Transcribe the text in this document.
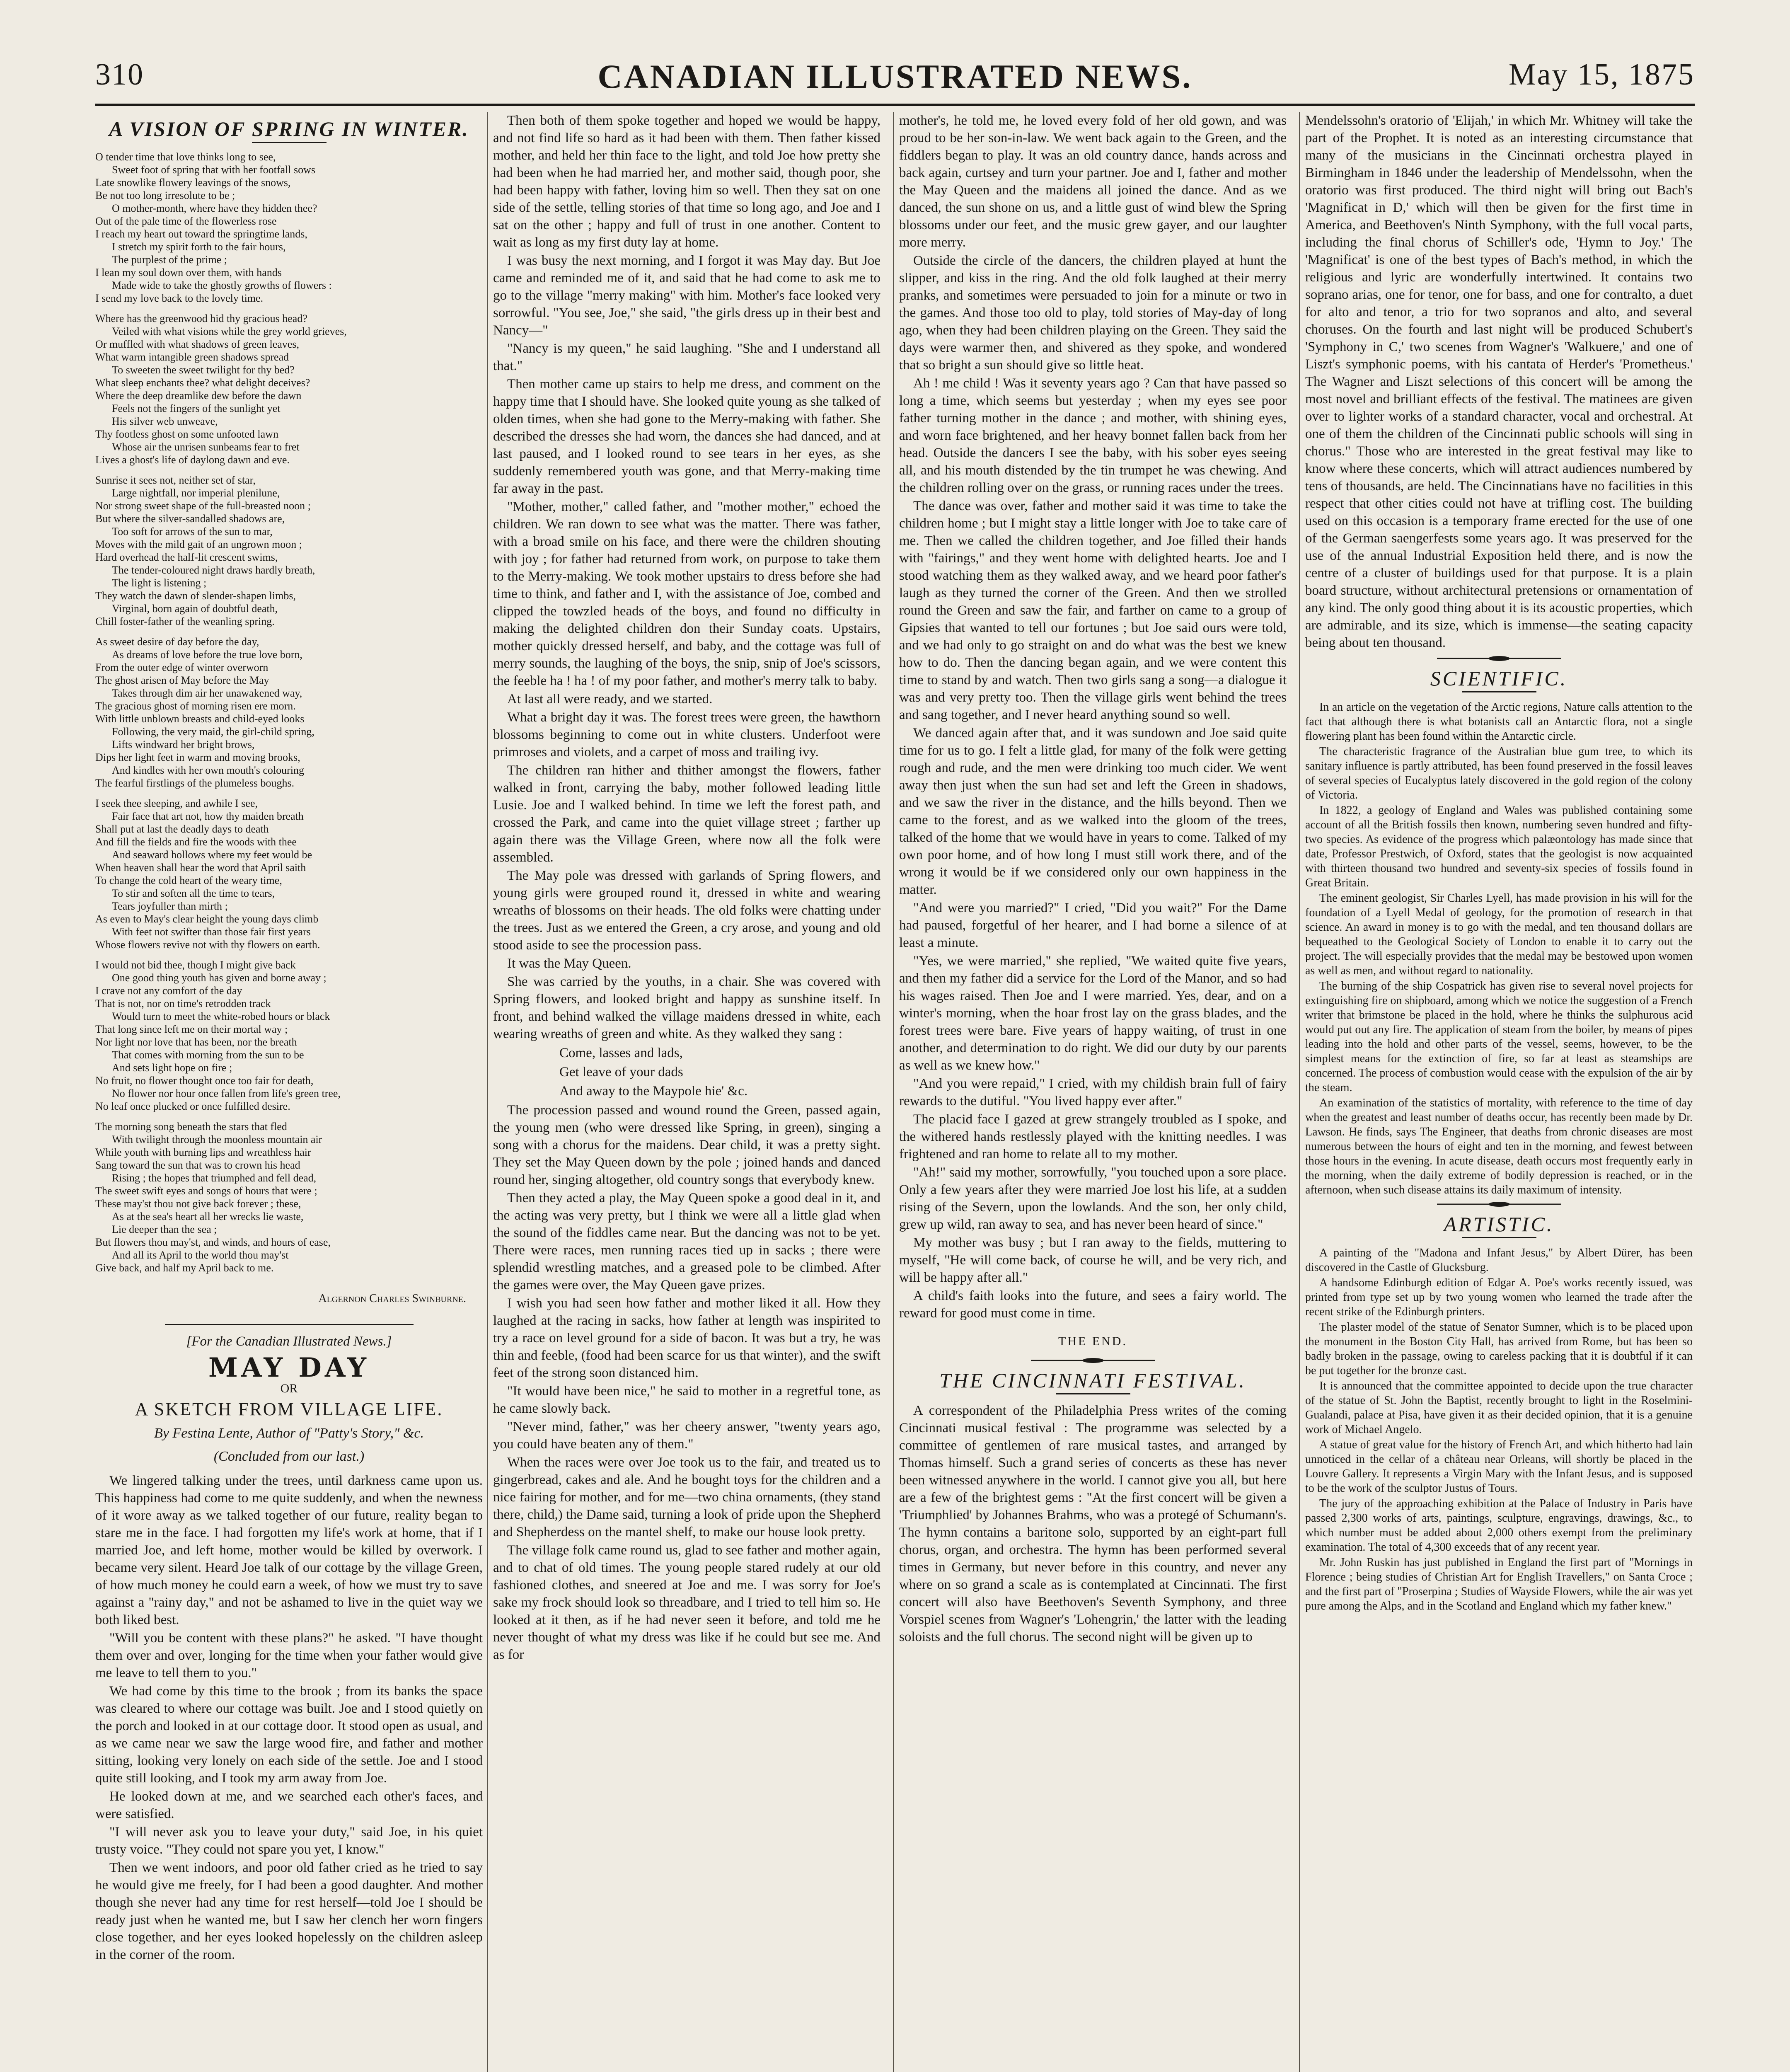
310	CANADIAN ILLUSTRATED NEWS.	May 15, 1875
A VISION OF SPRING IN WINTER.
O tender time that love thinks long to see,
Sweet foot of spring that with her footfall sows
Late snowlike flowery leavings of the snows,
Be not too long irresolute to be ;
O mother-month, where have they hidden thee?
Out of the pale time of the flowerless rose
I reach my heart out toward the springtime lands,
I stretch my spirit forth to the fair hours,
The purplest of the prime ;
I lean my soul down over them, with hands
Made wide to take the ghostly growths of flowers :
I send my love back to the lovely time.
Where has the greenwood hid thy gracious head?
Veiled with what visions while the grey world grieves,
Or muffled with what shadows of green leaves,
What warm intangible green shadows spread
To sweeten the sweet twilight for thy bed?
What sleep enchants thee? what delight deceives?
Where the deep dreamlike dew before the dawn
Feels not the fingers of the sunlight yet
His silver web unweave,
Thy footless ghost on some unfooted lawn
Whose air the unrisen sunbeams fear to fret
Lives a ghost's life of daylong dawn and eve.
Sunrise it sees not, neither set of star,
Large nightfall, nor imperial plenilune,
Nor strong sweet shape of the full-breasted noon ;
But where the silver-sandalled shadows are,
Too soft for arrows of the sun to mar,
Moves with the mild gait of an ungrown moon ;
Hard overhead the half-lit crescent swims,
The tender-coloured night draws hardly breath,
The light is listening ;
They watch the dawn of slender-shapen limbs,
Virginal, born again of doubtful death,
Chill foster-father of the weanling spring.
As sweet desire of day before the day,
As dreams of love before the true love born,
From the outer edge of winter overworn
The ghost arisen of May before the May
Takes through dim air her unawakened way,
The gracious ghost of morning risen ere morn.
With little unblown breasts and child-eyed looks
Following, the very maid, the girl-child spring,
Lifts windward her bright brows,
Dips her light feet in warm and moving brooks,
And kindles with her own mouth's colouring
The fearful firstlings of the plumeless boughs.
I seek thee sleeping, and awhile I see,
Fair face that art not, how thy maiden breath
Shall put at last the deadly days to death
And fill the fields and fire the woods with thee
And seaward hollows where my feet would be
When heaven shall hear the word that April saith
To change the cold heart of the weary time,
To stir and soften all the time to tears,
Tears joyfuller than mirth ;
As even to May's clear height the young days climb
With feet not swifter than those fair first years
Whose flowers revive not with thy flowers on earth.
I would not bid thee, though I might give back
One good thing youth has given and borne away ;
I crave not any comfort of the day
That is not, nor on time's retrodden track
Would turn to meet the white-robed hours or black
That long since left me on their mortal way ;
Nor light nor love that has been, nor the breath
That comes with morning from the sun to be
And sets light hope on fire ;
No fruit, no flower thought once too fair for death,
No flower nor hour once fallen from life's green tree,
No leaf once plucked or once fulfilled desire.
The morning song beneath the stars that fled
With twilight through the moonless mountain air
While youth with burning lips and wreathless hair
Sang toward the sun that was to crown his head
Rising ; the hopes that triumphed and fell dead,
The sweet swift eyes and songs of hours that were ;
These may'st thou not give back forever ; these,
As at the sea's heart all her wrecks lie waste,
Lie deeper than the sea ;
But flowers thou may'st, and winds, and hours of ease,
And all its April to the world thou may'st
Give back, and half my April back to me.
Algernon Charles Swinburne.
[For the Canadian Illustrated News.]
MAY DAY
OR
A SKETCH FROM VILLAGE LIFE.
By Festina Lente, Author of "Patty's Story," &c.
(Concluded from our last.)

We lingered talking under the trees, until darkness came upon us. This happiness had come to me quite suddenly, and when the newness of it wore away as we talked together of our future, reality began to stare me in the face. I had forgotten my life's work at home, that if I married Joe, and left home, mother would be killed by overwork. I became very silent. Heard Joe talk of our cottage by the village Green, of how much money he could earn a week, of how we must try to save against a "rainy day," and not be ashamed to live in the quiet way we both liked best.

"Will you be content with these plans?" he asked. "I have thought them over and over, longing for the time when your father would give me leave to tell them to you."

We had come by this time to the brook ; from its banks the space was cleared to where our cottage was built. Joe and I stood quietly on the porch and looked in at our cottage door. It stood open as usual, and as we came near we saw the large wood fire, and father and mother sitting, looking very lonely on each side of the settle. Joe and I stood quite still looking, and I took my arm away from Joe.

He looked down at me, and we searched each other's faces, and were satisfied.

"I will never ask you to leave your duty," said Joe, in his quiet trusty voice. "They could not spare you yet, I know."

Then we went indoors, and poor old father cried as he tried to say he would give me freely, for I had been a good daughter. And mother though she never had any time for rest herself—told Joe I should be ready just when he wanted me, but I saw her clench her worn fingers close together, and her eyes looked hopelessly on the children asleep in the corner of the room.

Then both of them spoke together and hoped we would be happy, and not find life so hard as it had been with them. Then father kissed mother, and held her thin face to the light, and told Joe how pretty she had been when he had married her, and mother said, though poor, she had been happy with father, loving him so well. Then they sat on one side of the settle, telling stories of that time so long ago, and Joe and I sat on the other ; happy and full of trust in one another. Content to wait as long as my first duty lay at home.

I was busy the next morning, and I forgot it was May day. But Joe came and reminded me of it, and said that he had come to ask me to go to the village "merry making" with him. Mother's face looked very sorrowful. "You see, Joe," she said, "the girls dress up in their best and Nancy—"

"Nancy is my queen," he said laughing. "She and I understand all that."

Then mother came up stairs to help me dress, and comment on the happy time that I should have. She looked quite young as she talked of olden times, when she had gone to the Merry-making with father. She described the dresses she had worn, the dances she had danced, and at last paused, and I looked round to see tears in her eyes, as she suddenly remembered youth was gone, and that Merry-making time far away in the past.

"Mother, mother," called father, and "mother mother," echoed the children. We ran down to see what was the matter. There was father, with a broad smile on his face, and there were the children shouting with joy ; for father had returned from work, on purpose to take them to the Merry-making. We took mother upstairs to dress before she had time to think, and father and I, with the assistance of Joe, combed and clipped the towzled heads of the boys, and found no difficulty in making the delighted children don their Sunday coats. Upstairs, mother quickly dressed herself, and baby, and the cottage was full of merry sounds, the laughing of the boys, the snip, snip of Joe's scissors, the feeble ha ! ha ! of my poor father, and mother's merry talk to baby.

At last all were ready, and we started.

What a bright day it was. The forest trees were green, the hawthorn blossoms beginning to come out in white clusters. Underfoot were primroses and violets, and a carpet of moss and trailing ivy.

The children ran hither and thither amongst the flowers, father walked in front, carrying the baby, mother followed leading little Lusie. Joe and I walked behind. In time we left the forest path, and crossed the Park, and came into the quiet village street ; farther up again there was the Village Green, where now all the folk were assembled.

The May pole was dressed with garlands of Spring flowers, and young girls were grouped round it, dressed in white and wearing wreaths of blossoms on their heads. The old folks were chatting under the trees. Just as we entered the Green, a cry arose, and young and old stood aside to see the procession pass.

It was the May Queen.

She was carried by the youths, in a chair. She was covered with Spring flowers, and looked bright and happy as sunshine itself. In front, and behind walked the village maidens dressed in white, each wearing wreaths of green and white. As they walked they sang :

Come, lasses and lads,
Get leave of your dads
And away to the Maypole hie' &c.

The procession passed and wound round the Green, passed again, the young men (who were dressed like Spring, in green), singing a song with a chorus for the maidens. Dear child, it was a pretty sight. They set the May Queen down by the pole ; joined hands and danced round her, singing altogether, old country songs that everybody knew.

Then they acted a play, the May Queen spoke a good deal in it, and the acting was very pretty, but I think we were all a little glad when the sound of the fiddles came near. But the dancing was not to be yet. There were races, men running races tied up in sacks ; there were splendid wrestling matches, and a greased pole to be climbed. After the games were over, the May Queen gave prizes.

I wish you had seen how father and mother liked it all. How they laughed at the racing in sacks, how father at length was inspirited to try a race on level ground for a side of bacon. It was but a try, he was thin and feeble, (food had been scarce for us that winter), and the swift feet of the strong soon distanced him.

"It would have been nice," he said to mother in a regretful tone, as he came slowly back.

"Never mind, father," was her cheery answer, "twenty years ago, you could have beaten any of them."

When the races were over Joe took us to the fair, and treated us to gingerbread, cakes and ale. And he bought toys for the children and a nice fairing for mother, and for me—two china ornaments, (they stand there, child,) the Dame said, turning a look of pride upon the Shepherd and Shepherdess on the mantel shelf, to make our house look pretty.

The village folk came round us, glad to see father and mother again, and to chat of old times. The young people stared rudely at our old fashioned clothes, and sneered at Joe and me. I was sorry for Joe's sake my frock should look so threadbare, and I tried to tell him so. He looked at it then, as if he had never seen it before, and told me he never thought of what my dress was like if he could but see me. And as for

mother's, he told me, he loved every fold of her old gown, and was proud to be her son-in-law. We went back again to the Green, and the fiddlers began to play. It was an old country dance, hands across and back again, curtsey and turn your partner. Joe and I, father and mother the May Queen and the maidens all joined the dance. And as we danced, the sun shone on us, and a little gust of wind blew the Spring blossoms under our feet, and the music grew gayer, and our laughter more merry.

Outside the circle of the dancers, the children played at hunt the slipper, and kiss in the ring. And the old folk laughed at their merry pranks, and sometimes were persuaded to join for a minute or two in the games. And those too old to play, told stories of May-day of long ago, when they had been children playing on the Green. They said the days were warmer then, and shivered as they spoke, and wondered that so bright a sun should give so little heat.

Ah ! me child ! Was it seventy years ago ? Can that have passed so long a time, which seems but yesterday ; when my eyes see poor father turning mother in the dance ; and mother, with shining eyes, and worn face brightened, and her heavy bonnet fallen back from her head. Outside the dancers I see the baby, with his sober eyes seeing all, and his mouth distended by the tin trumpet he was chewing. And the children rolling over on the grass, or running races under the trees.

The dance was over, father and mother said it was time to take the children home ; but I might stay a little longer with Joe to take care of me. Then we called the children together, and Joe filled their hands with "fairings," and they went home with delighted hearts. Joe and I stood watching them as they walked away, and we heard poor father's laugh as they turned the corner of the Green. And then we strolled round the Green and saw the fair, and farther on came to a group of Gipsies that wanted to tell our fortunes ; but Joe said ours were told, and we had only to go straight on and do what was the best we knew how to do. Then the dancing began again, and we were content this time to stand by and watch. Then two girls sang a song—a dialogue it was and very pretty too. Then the village girls went behind the trees and sang together, and I never heard anything sound so well.

We danced again after that, and it was sundown and Joe said quite time for us to go. I felt a little glad, for many of the folk were getting rough and rude, and the men were drinking too much cider. We went away then just when the sun had set and left the Green in shadows, and we saw the river in the distance, and the hills beyond. Then we came to the forest, and as we walked into the gloom of the trees, talked of the home that we would have in years to come. Talked of my own poor home, and of how long I must still work there, and of the wrong it would be if we considered only our own happiness in the matter.

"And were you married?" I cried, "Did you wait?" For the Dame had paused, forgetful of her hearer, and I had borne a silence of at least a minute.

"Yes, we were married," she replied, "We waited quite five years, and then my father did a service for the Lord of the Manor, and so had his wages raised. Then Joe and I were married. Yes, dear, and on a winter's morning, when the hoar frost lay on the grass blades, and the forest trees were bare. Five years of happy waiting, of trust in one another, and determination to do right. We did our duty by our parents as well as we knew how."

"And you were repaid," I cried, with my childish brain full of fairy rewards to the dutiful. "You lived happy ever after."

The placid face I gazed at grew strangely troubled as I spoke, and the withered hands restlessly played with the knitting needles. I was frightened and ran home to relate all to my mother.

"Ah!" said my mother, sorrowfully, "you touched upon a sore place. Only a few years after they were married Joe lost his life, at a sudden rising of the Severn, upon the lowlands. And the son, her only child, grew up wild, ran away to sea, and has never been heard of since."

My mother was busy ; but I ran away to the fields, muttering to myself, "He will come back, of course he will, and be very rich, and will be happy after all."

A child's faith looks into the future, and sees a fairy world. The reward for good must come in time.

THE END.
THE CINCINNATI FESTIVAL.

A correspondent of the Philadelphia Press writes of the coming Cincinnati musical festival : The programme was selected by a committee of gentlemen of rare musical tastes, and arranged by Thomas himself. Such a grand series of concerts as these has never been witnessed anywhere in the world. I cannot give you all, but here are a few of the brightest gems : "At the first concert will be given a 'Triumphlied' by Johannes Brahms, who was a protegé of Schumann's. The hymn contains a baritone solo, supported by an eight-part full chorus, organ, and orchestra. The hymn has been performed several times in Germany, but never before in this country, and never any where on so grand a scale as is contemplated at Cincinnati. The first concert will also have Beethoven's Seventh Symphony, and three Vorspiel scenes from Wagner's 'Lohengrin,' the latter with the leading soloists and the full chorus. The second night will be given up to

Mendelssohn's oratorio of 'Elijah,' in which Mr. Whitney will take the part of the Prophet. It is noted as an interesting circumstance that many of the musicians in the Cincinnati orchestra played in Birmingham in 1846 under the leadership of Mendelssohn, when the oratorio was first produced. The third night will bring out Bach's 'Magnificat in D,' which will then be given for the first time in America, and Beethoven's Ninth Symphony, with the full vocal parts, including the final chorus of Schiller's ode, 'Hymn to Joy.' The 'Magnificat' is one of the best types of Bach's method, in which the religious and lyric are wonderfully intertwined. It contains two soprano arias, one for tenor, one for bass, and one for contralto, a duet for alto and tenor, a trio for two sopranos and alto, and several choruses. On the fourth and last night will be produced Schubert's 'Symphony in C,' two scenes from Wagner's 'Walkuere,' and one of Liszt's symphonic poems, with his cantata of Herder's 'Prometheus.' The Wagner and Liszt selections of this concert will be among the most novel and brilliant effects of the festival. The matinees are given over to lighter works of a standard character, vocal and orchestral. At one of them the children of the Cincinnati public schools will sing in chorus." Those who are interested in the great festival may like to know where these concerts, which will attract audiences numbered by tens of thousands, are held. The Cincinnatians have no facilities in this respect that other cities could not have at trifling cost. The building used on this occasion is a temporary frame erected for the use of one of the German saengerfests some years ago. It was preserved for the use of the annual Industrial Exposition held there, and is now the centre of a cluster of buildings used for that purpose. It is a plain board structure, without architectural pretensions or ornamentation of any kind. The only good thing about it is its acoustic properties, which are admirable, and its size, which is immense—the seating capacity being about ten thousand.

SCIENTIFIC.

In an article on the vegetation of the Arctic regions, Nature calls attention to the fact that although there is what botanists call an Antarctic flora, not a single flowering plant has been found within the Antarctic circle.

The characteristic fragrance of the Australian blue gum tree, to which its sanitary influence is partly attributed, has been found preserved in the fossil leaves of several species of Eucalyptus lately discovered in the gold region of the colony of Victoria.

In 1822, a geology of England and Wales was published containing some account of all the British fossils then known, numbering seven hundred and fifty-two species. As evidence of the progress which palæontology has made since that date, Professor Prestwich, of Oxford, states that the geologist is now acquainted with thirteen thousand two hundred and seventy-six species of fossils found in Great Britain.

The eminent geologist, Sir Charles Lyell, has made provision in his will for the foundation of a Lyell Medal of geology, for the promotion of research in that science. An award in money is to go with the medal, and ten thousand dollars are bequeathed to the Geological Society of London to enable it to carry out the project. The will especially provides that the medal may be bestowed upon women as well as men, and without regard to nationality.

The burning of the ship Cospatrick has given rise to several novel projects for extinguishing fire on shipboard, among which we notice the suggestion of a French writer that brimstone be placed in the hold, where he thinks the sulphurous acid would put out any fire. The application of steam from the boiler, by means of pipes leading into the hold and other parts of the vessel, seems, however, to be the simplest means for the extinction of fire, so far at least as steamships are concerned. The process of combustion would cease with the expulsion of the air by the steam.

An examination of the statistics of mortality, with reference to the time of day when the greatest and least number of deaths occur, has recently been made by Dr. Lawson. He finds, says The Engineer, that deaths from chronic diseases are most numerous between the hours of eight and ten in the morning, and fewest between those hours in the evening. In acute disease, death occurs most frequently early in the morning, when the daily extreme of bodily depression is reached, or in the afternoon, when such disease attains its daily maximum of intensity.

ARTISTIC.

A painting of the "Madona and Infant Jesus," by Albert Dürer, has been discovered in the Castle of Glucksburg.

A handsome Edinburgh edition of Edgar A. Poe's works recently issued, was printed from type set up by two young women who learned the trade after the recent strike of the Edinburgh printers.

The plaster model of the statue of Senator Sumner, which is to be placed upon the monument in the Boston City Hall, has arrived from Rome, but has been so badly broken in the passage, owing to careless packing that it is doubtful if it can be put together for the bronze cast.

It is announced that the committee appointed to decide upon the true character of the statue of St. John the Baptist, recently brought to light in the Roselmini-Gualandi, palace at Pisa, have given it as their decided opinion, that it is a genuine work of Michael Angelo.

A statue of great value for the history of French Art, and which hitherto had lain unnoticed in the cellar of a château near Orleans, will shortly be placed in the Louvre Gallery. It represents a Virgin Mary with the Infant Jesus, and is supposed to be the work of the sculptor Justus of Tours.

The jury of the approaching exhibition at the Palace of Industry in Paris have passed 2,300 works of arts, paintings, sculpture, engravings, drawings, &c., to which number must be added about 2,000 others exempt from the preliminary examination. The total of 4,300 exceeds that of any recent year.

Mr. John Ruskin has just published in England the first part of "Mornings in Florence ; being studies of Christian Art for English Travellers," on Santa Croce ; and the first part of "Proserpina ; Studies of Wayside Flowers, while the air was yet pure among the Alps, and in the Scotland and England which my father knew."
